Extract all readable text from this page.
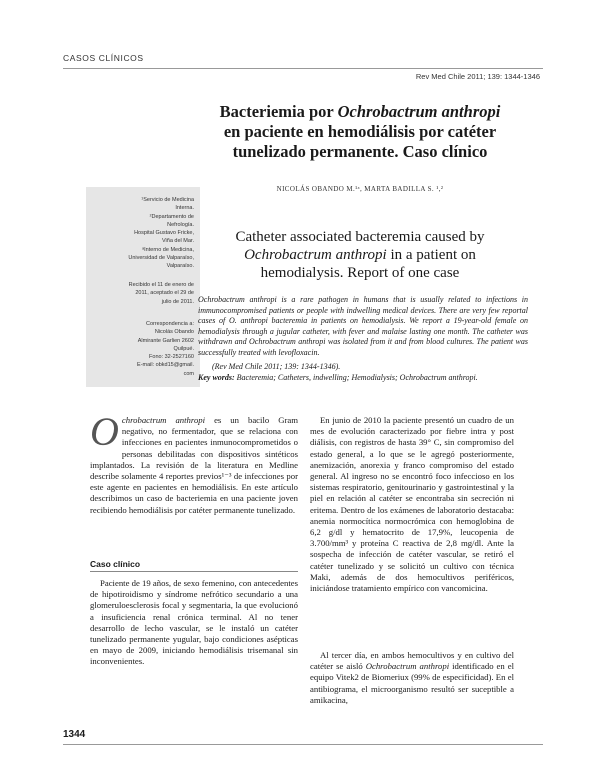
CASOS CLÍNICOS
Rev Med Chile 2011; 139: 1344-1346
Bacteriemia por Ochrobactrum anthropi
en paciente en hemodiálisis por catéter
tunelizado permanente. Caso clínico
NICOLÁS OBANDO M.¹ᵃ, MARTA BADILLA S. ¹,²
¹Servicio de Medicina
Interna.
²Departamento de
Nefrología.
Hospital Gustavo Fricke,
Viña del Mar.
ᵃInterno de Medicina,
Universidad de Valparaíso,
Valparaíso.
Recibido el 11 de enero de
2011, aceptado el 29 de
julio de 2011.
Correspondencia a:
Nicolás Obando
Almirante Garlien 2602
Quilpué.
Fono: 32-2527160
E-mail: obkd15@gmail.
com
Catheter associated bacteremia caused by
Ochrobactrum anthropi in a patient on
hemodialysis. Report of one case
Ochrobactrum anthropi is a rare pathogen in humans that is usually related to infections in immunocompromised patients or people with indwelling medical devices. There are very few reportal cases of O. anthropi bacteremia in patients on hemodialysis. We report a 19-year-old female on hemodialysis through a jugular catheter, with fever and malaise lasting one month. The catheter was withdrawn and Ochrobactrum anthropi was isolated from it and from blood cultures. The patient was successfully treated with levofloxacin.
(Rev Med Chile 2011; 139: 1344-1346).
Key words: Bacteremia; Catheters, indwelling; Hemodialysis; Ochrobactrum anthropi.
O chrobactrum anthropi es un bacilo Gram negativo, no fermentador, que se relaciona con infecciones en pacientes inmunocomprometidos o personas debilitadas con dispositivos sintéticos implantados. La revisión de la literatura en Medline describe solamente 4 reportes previos¹⁻³ de infecciones por este agente en pacientes en hemodiálisis. En este artículo describimos un caso de bacteriemia en una paciente joven recibiendo hemodiálisis por catéter permanente tunelizado.
Caso clínico
Paciente de 19 años, de sexo femenino, con antecedentes de hipotiroidismo y síndrome nefrótico secundario a una glomeruloesclerosis focal y segmentaria, la que evolucionó a insuficiencia renal crónica terminal. Al no tener desarrollo de lecho vascular, se le instaló un catéter tunelizado permanente yugular, bajo condiciones asépticas en mayo de 2009, iniciando hemodiálisis trisemanal sin inconvenientes.
En junio de 2010 la paciente presentó un cuadro de un mes de evolución caracterizado por fiebre intra y post diálisis, con registros de hasta 39° C, sin compromiso del estado general, a lo que se le agregó posteriormente, anemización, anorexia y franco compromiso del estado general. Al ingreso no se encontró foco infeccioso en los sistemas respiratorio, genitourinario y gastrointestinal y la piel en relación al catéter se encontraba sin secreción ni eritema. Dentro de los exámenes de laboratorio destacaba: anemia normocítica normocrómica con hemoglobina de 6,2 g/dl y hematocrito de 17,9%, leucopenia de 3.700/mm³ y proteína C reactiva de 2,8 mg/dl. Ante la sospecha de infección de catéter vascular, se retiró el catéter tunelizado y se solicitó un cultivo con técnica Maki, además de dos hemocultivos periféricos, iniciándose tratamiento empírico con vancomicina.
Al tercer día, en ambos hemocultivos y en cultivo del catéter se aisló Ochrobactrum anthropi identificado en el equipo Vitek2 de Biomeriux (99% de especificidad). En el antibiograma, el microorganismo resultó ser suceptible a amikacina,
1344
